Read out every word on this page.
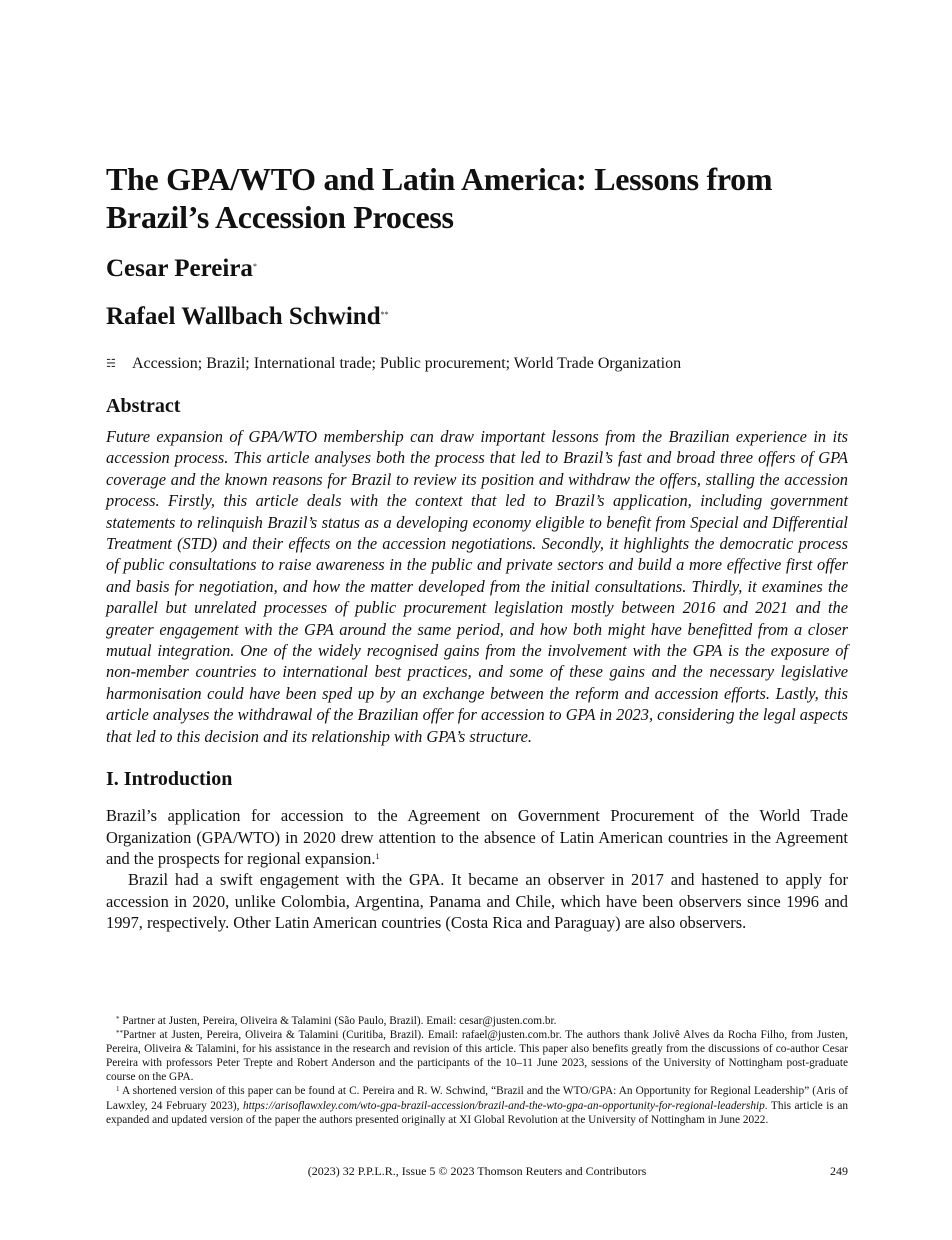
The GPA/WTO and Latin America: Lessons from Brazil’s Accession Process
Cesar Pereira*
Rafael Wallbach Schwind**
☵	Accession; Brazil; International trade; Public procurement; World Trade Organization
Abstract

Future expansion of GPA/WTO membership can draw important lessons from the Brazilian experience in its accession process. This article analyses both the process that led to Brazil’s fast and broad three offers of GPA coverage and the known reasons for Brazil to review its position and withdraw the offers, stalling the accession process. Firstly, this article deals with the context that led to Brazil’s application, including government statements to relinquish Brazil’s status as a developing economy eligible to benefit from Special and Differential Treatment (STD) and their effects on the accession negotiations. Secondly, it highlights the democratic process of public consultations to raise awareness in the public and private sectors and build a more effective first offer and basis for negotiation, and how the matter developed from the initial consultations. Thirdly, it examines the parallel but unrelated processes of public procurement legislation mostly between 2016 and 2021 and the greater engagement with the GPA around the same period, and how both might have benefitted from a closer mutual integration. One of the widely recognised gains from the involvement with the GPA is the exposure of non-member countries to international best practices, and some of these gains and the necessary legislative harmonisation could have been sped up by an exchange between the reform and accession efforts. Lastly, this article analyses the withdrawal of the Brazilian offer for accession to GPA in 2023, considering the legal aspects that led to this decision and its relationship with GPA’s structure.

I. Introduction

Brazil’s application for accession to the Agreement on Government Procurement of the World Trade Organization (GPA/WTO) in 2020 drew attention to the absence of Latin American countries in the Agreement and the prospects for regional expansion.$^1$

Brazil had a swift engagement with the GPA. It became an observer in 2017 and hastened to apply for accession in 2020, unlike Colombia, Argentina, Panama and Chile, which have been observers since 1996 and 1997, respectively. Other Latin American countries (Costa Rica and Paraguay) are also observers.

* Partner at Justen, Pereira, Oliveira & Talamini (São Paulo, Brazil). Email: cesar@justen.com.br.

**Partner at Justen, Pereira, Oliveira & Talamini (Curitiba, Brazil). Email: rafael@justen.com.br. The authors thank Jolivê Alves da Rocha Filho, from Justen, Pereira, Oliveira & Talamini, for his assistance in the research and revision of this article. This paper also benefits greatly from the discussions of co-author Cesar Pereira with professors Peter Trepte and Robert Anderson and the participants of the 10–11 June 2023, sessions of the University of Nottingham post-graduate course on the GPA.

$^1$ A shortened version of this paper can be found at C. Pereira and R. W. Schwind, “Brazil and the WTO/GPA: An Opportunity for Regional Leadership” (Aris of Lawxley, 24 February 2023), https://arisoflawxley.com/wto-gpa-brazil-accession/brazil-and-the-wto-gpa-an-opportunity-for-regional-leadership. This article is an expanded and updated version of the paper the authors presented originally at XI Global Revolution at the University of Nottingham in June 2022.

(2023) 32 P.P.L.R., Issue 5 © 2023 Thomson Reuters and Contributors	249
